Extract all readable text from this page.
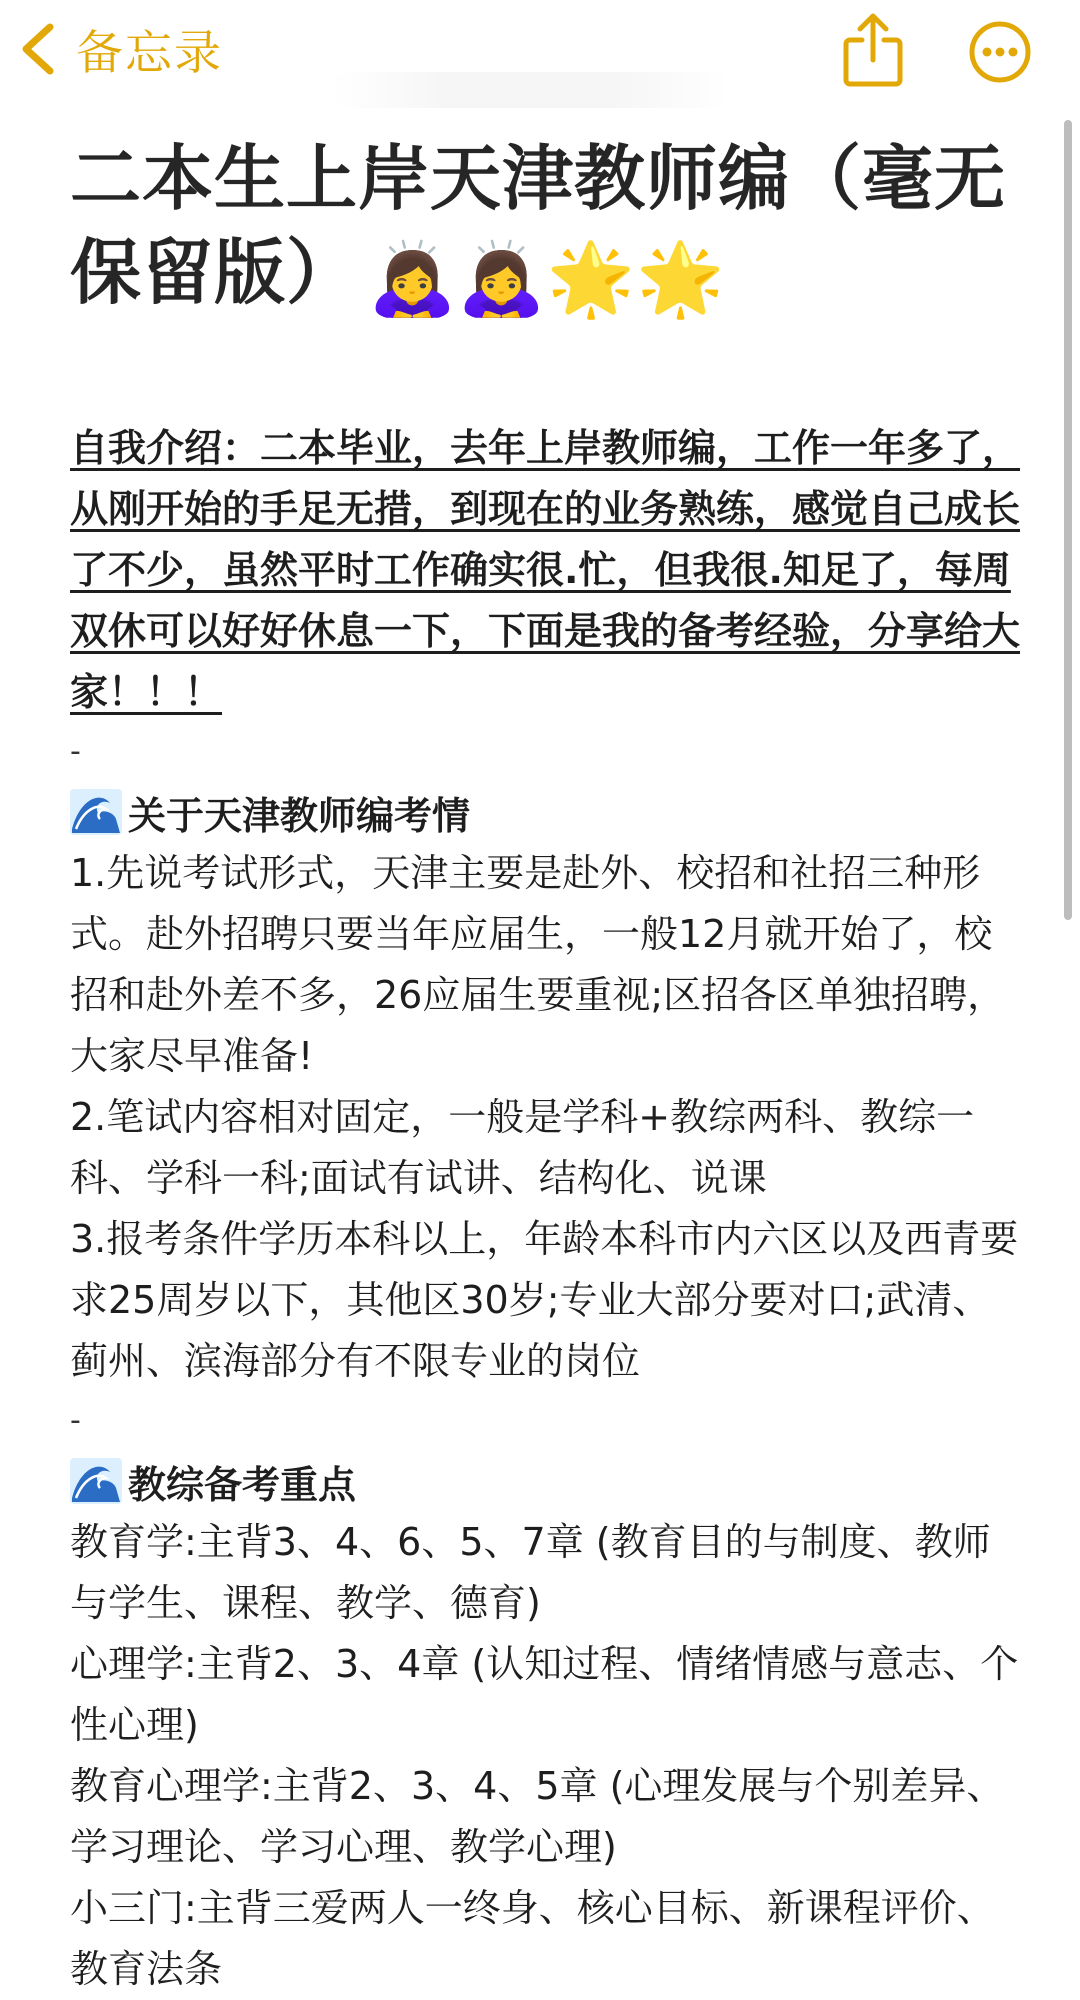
备忘录
二本生上岸天津教师编（毫无保留版） 🙇‍♀️🙇‍♀️🌟🌟
自我介绍：二本毕业，去年上岸教师编，工作一年多了，从刚开始的手足无措，到现在的业务熟练，感觉自己成长了不少，虽然平时工作确实很.忙，但我很.知足了，每周双休可以好好休息一下，下面是我的备考经验，分享给大家！！！
-
关于天津教师编考情
1.先说考试形式，天津主要是赴外、校招和社招三种形式。赴外招聘只要当年应届生，一般12月就开始了，校招和赴外差不多，26应届生要重视;区招各区单独招聘，大家尽早准备!
2.笔试内容相对固定，一般是学科+教综两科、教综一科、学科一科;面试有试讲、结构化、说课
3.报考条件学历本科以上，年龄本科市内六区以及西青要求25周岁以下，其他区30岁;专业大部分要对口;武清、蓟州、滨海部分有不限专业的岗位
-
教综备考重点
教育学:主背3、4、6、5、7章 (教育目的与制度、教师与学生、课程、教学、德育)
心理学:主背2、3、4章 (认知过程、情绪情感与意志、个性心理)
教育心理学:主背2、3、4、5章 (心理发展与个别差异、学习理论、学习心理、教学心理)
小三门:主背三爱两人一终身、核心目标、新课程评价、教育法条
